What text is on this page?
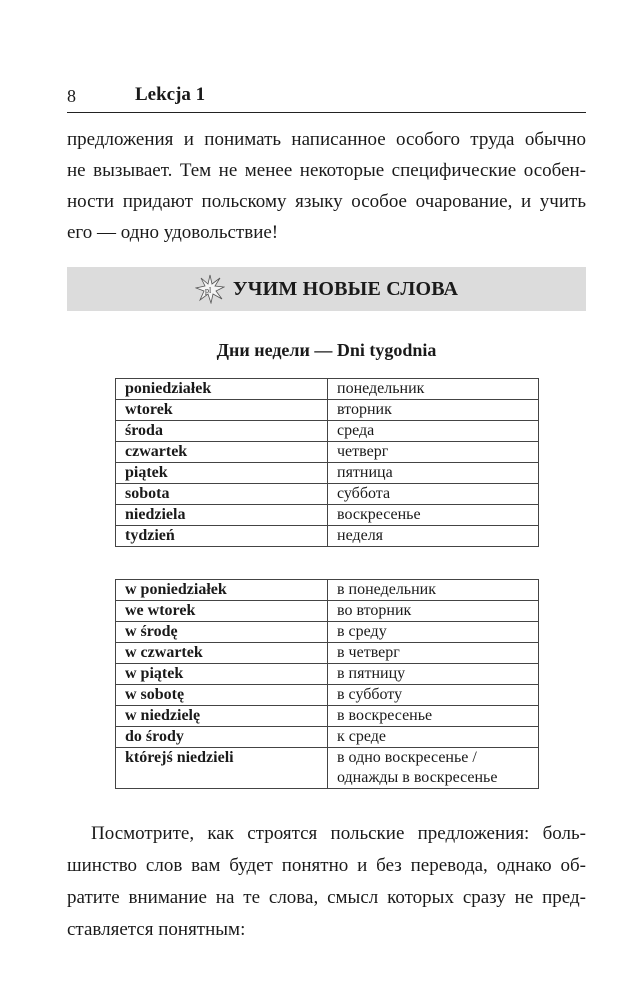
8	Lekcja 1
предложения и понимать написанное особого труда обычно
не вызывает. Тем не менее некоторые специфические особен-
ности придают польскому языку особое очарование, и учить
его — одно удовольствие!
pl УЧИМ НОВЫЕ СЛОВА
Дни недели — Dni tygodnia
poniedziałek	понедельник
wtorek	вторник
środa	среда
czwartek	четверг
piątek	пятница
sobota	суббота
niedziela	воскресенье
tydzień	неделя
w poniedziałek	в понедельник
we wtorek	во вторник
w środę	в среду
w czwartek	в четверг
w piątek	в пятницу
w sobotę	в субботу
w niedzielę	в воскресенье
do środy	к среде
którejś niedzieli	в одно воскресенье /
однажды в воскресенье
Посмотрите, как строятся польские предложения: боль-
шинство слов вам будет понятно и без перевода, однако об-
ратите внимание на те слова, смысл которых сразу не пред-
ставляется понятным:
